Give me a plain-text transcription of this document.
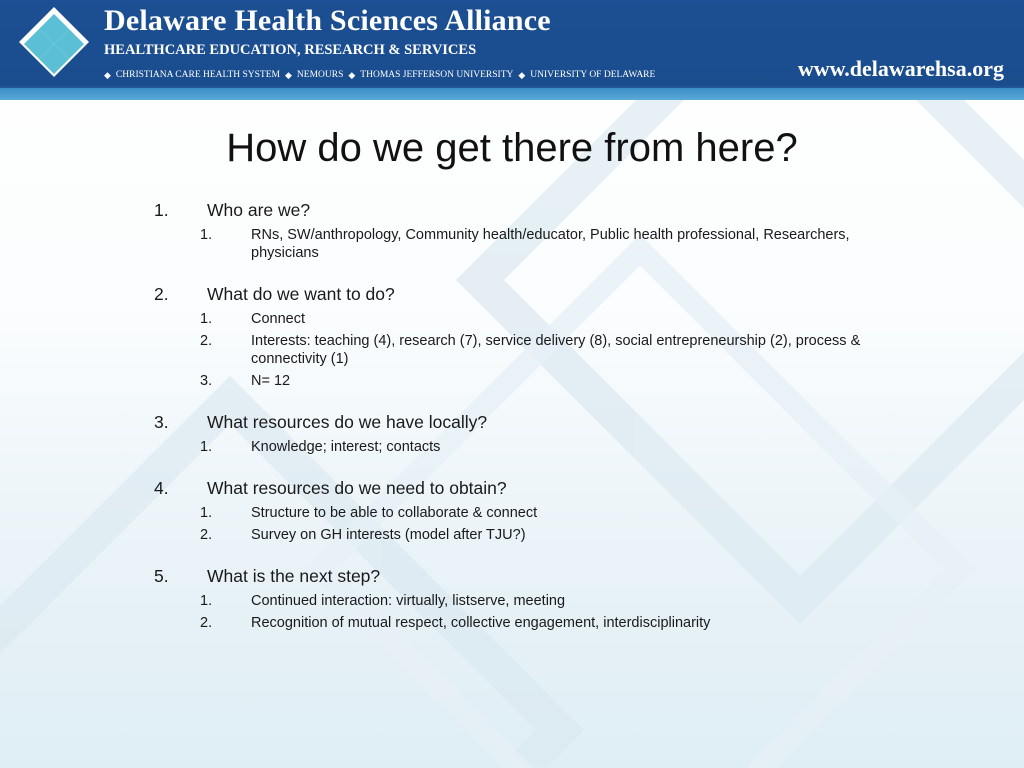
Delaware Health Sciences Alliance
HEALTHCARE EDUCATION, RESEARCH & SERVICES
◆ CHRISTIANA CARE HEALTH SYSTEM ◆ NEMOURS ◆ THOMAS JEFFERSON UNIVERSITY ◆ UNIVERSITY OF DELAWARE	www.delawarehsa.org
How do we get there from here?
1.	Who are we?
1.	RNs, SW/anthropology, Community health/educator, Public health professional, Researchers, physicians
2.	What do we want to do?
1.	Connect
2.	Interests: teaching (4), research (7), service delivery (8), social entrepreneurship (2), process & connectivity (1)
3.	N= 12
3.	What resources do we have locally?
1.	Knowledge; interest; contacts
4.	What resources do we need to obtain?
1.	Structure to be able to collaborate & connect
2.	Survey on GH interests (model after TJU?)
5.	What is the next step?
1.	Continued interaction: virtually, listserve, meeting
2.	Recognition of mutual respect, collective engagement, interdisciplinarity
